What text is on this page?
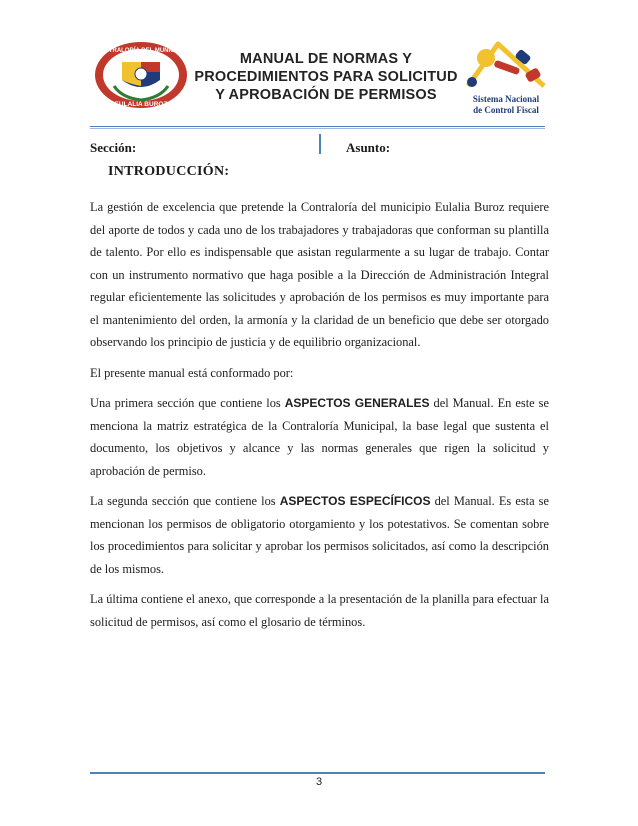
CONTRALORÍA DEL MUNICIPIO
EULALIA BUROZ
MANUAL DE NORMAS Y
PROCEDIMIENTOS PARA SOLICITUD
Y APROBACIÓN DE PERMISOS	Sistema Nacional
de Control Fiscal
Sección:	Asunto:
INTRODUCCIÓN:

La gestión de excelencia que pretende la Contraloría del municipio Eulalia Buroz requiere del aporte de todos y cada uno de los trabajadores y trabajadoras que conforman su plantilla de talento. Por ello es indispensable que asistan regularmente a su lugar de trabajo. Contar con un instrumento normativo que haga posible a la Dirección de Administración Integral regular eficientemente las solicitudes y aprobación de los permisos es muy importante para el mantenimiento del orden, la armonía y la claridad de un beneficio que debe ser otorgado observando los principio de justicia y de equilibrio organizacional.

El presente manual está conformado por:

Una primera sección que contiene los ASPECTOS GENERALES del Manual. En este se menciona la matriz estratégica de la Contraloría Municipal, la base legal que sustenta el documento, los objetivos y alcance y las normas generales que rigen la solicitud y aprobación de permiso.

La segunda sección que contiene los ASPECTOS ESPECÍFICOS del Manual. Es esta se mencionan los permisos de obligatorio otorgamiento y los potestativos. Se comentan sobre los procedimientos para solicitar y aprobar los permisos solicitados, así como la descripción de los mismos.

La última contiene el anexo, que corresponde a la presentación de la planilla para efectuar la solicitud de permisos, así como el glosario de términos.

3
